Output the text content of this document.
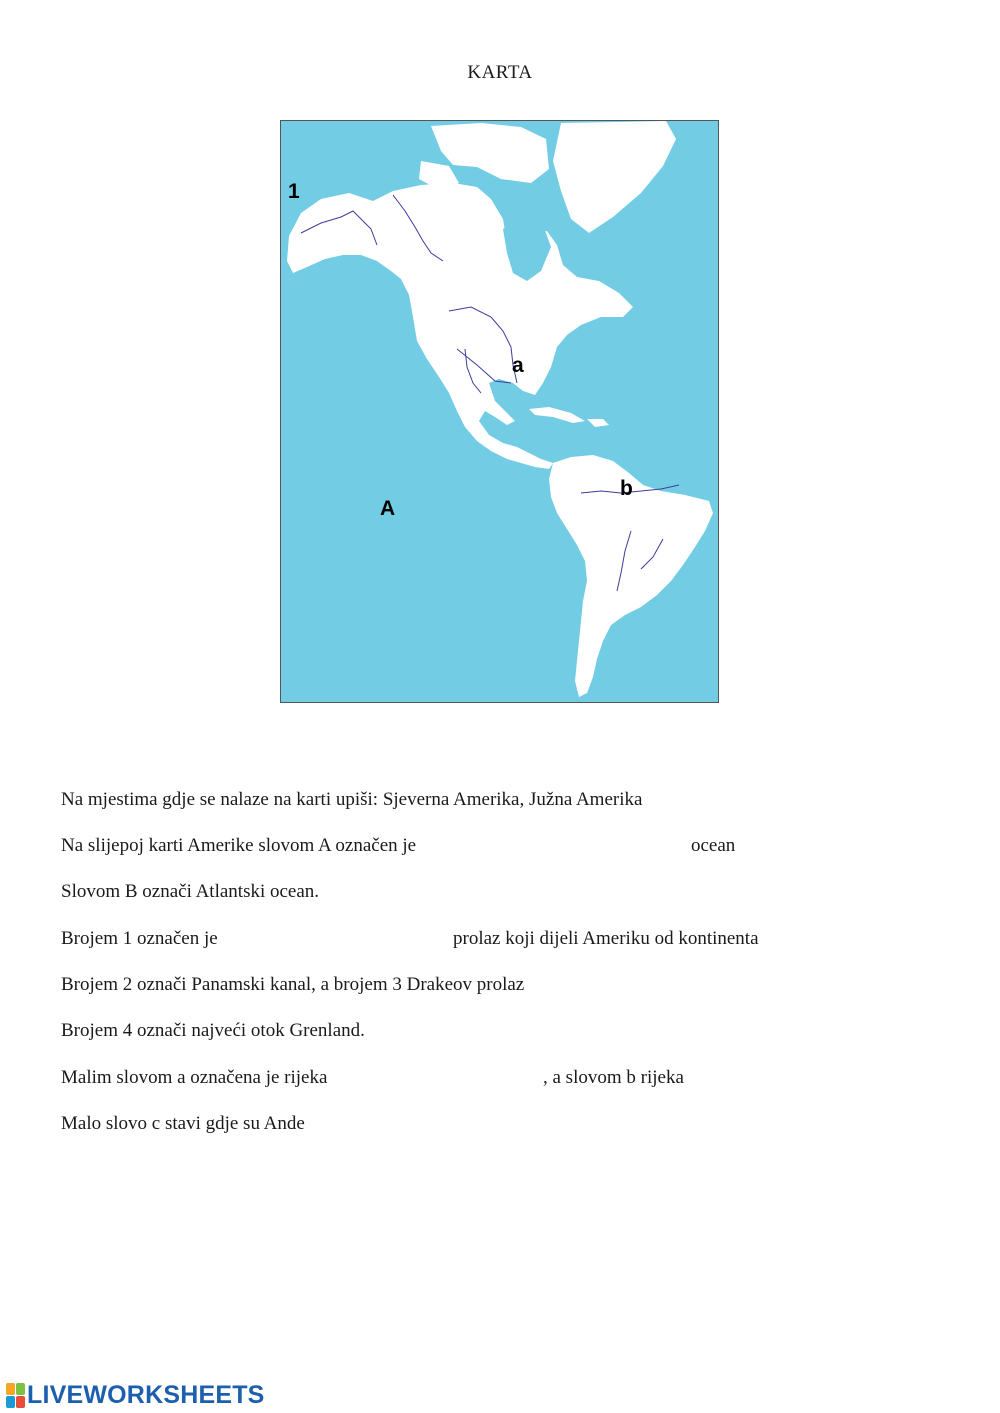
KARTA
1
a
b
A
Na mjestima gdje se nalaze na karti upiši: Sjeverna Amerika, Južna Amerika
Na slijepoj karti Amerike slovom A označen je	ocean
Slovom B označi Atlantski ocean.
Brojem 1 označen je	prolaz koji dijeli Ameriku od kontinenta
Brojem 2 označi Panamski kanal, a brojem 3 Drakeov prolaz
Brojem 4 označi najveći otok Grenland.
Malim slovom a označena je rijeka	, a slovom b rijeka
Malo slovo c stavi gdje su Ande
LIVEWORKSHEETS
